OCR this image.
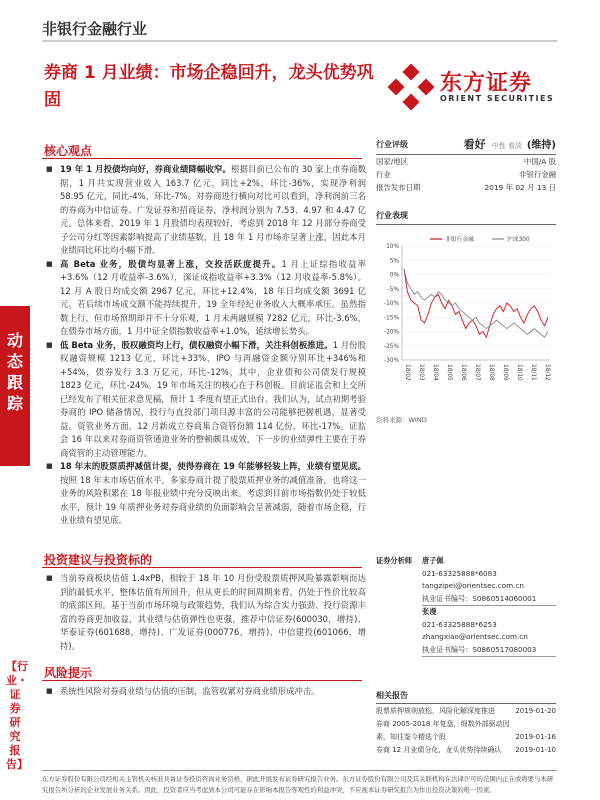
非银行金融行业
券商 1 月业绩：市场企稳回升，龙头优势巩固
东方证券
ORIENT SECURITIES
动态跟踪
【行业・证券研究报告】
核心观点
■ 19 年 1 月投债均向好，券商业绩降幅收窄。根据目前已公布的 30 家上市券商数据，1 月共实现营业收入 163.7 亿元，同比+2%，环比-36%，实现净利润 58.95 亿元，同比-4%，环比-7%。对券商进行横向对比可以看到，净利润前三名的券商为中信证券、广发证券和招商证券，净利润分别为 7.53、4.97 和 4.47 亿元。总体来看，2019 年 1 月股债均表现较好，考虑到 2018 年 12 月部分券商受子公司分红等因素影响提高了业绩基数，且 18 年 1 月市场亦呈著上涨，因此本月业绩同比环比均小幅下滑。
■ 高 Beta 业务，股债均显著上涨，交投活跃度提升。1 月上证综指收益率+3.6%（12 月收益率-3.6%），深证成指收益率+3.3%（12 月收益率-5.8%）。12 月 A 股日均成交额 2967 亿元，环比+12.4%，18 年日均成交额 3691 亿元，若后续市场成交额不能持续提升，19 全年经纪业务收入大概率承压。虽然指数上行，但市场预期却并不十分乐观，1 月末两融规模 7282 亿元，环比-3.6%，在债券市场方面，1 月中证全债指数收益率+1.0%，延续增长势头。
■ 低 Beta 业务，股权融资均上行，债权融资小幅下滑，关注科创板推进。1 月份股权融资规模 1213 亿元，环比+33%，IPO 与再融资金额分别环比+346%和+54%，债券发行 3.3 万亿元，环比-12%，其中，企业债和公司债发行规模 1823 亿元，环比-24%。19 年市场关注的核心在于科创板。目前证监会和上交所已经发布了相关征求意见稿，预计 1 季度有望正式出台。我们认为，试点初期考验券商的 IPO 储备情况，投行与直投部门项目源丰富的公司能够把握机遇，显著受益。资管业务方面，12 月新成立券商集合资管份额 114 亿份，环比-17%。证监会 16 年以来对券商资管通道业务的整顿颇具成效，下一步的业绩弹性主要在于券商资管的主动管理能力。
■ 18 年末的股票质押减值计提，使得券商在 19 年能够轻装上阵，业绩有望见底。按照 18 年末市场估值水平，多家券商计提了股票质押业务的减值准备，也将这一业务的风险积累在 18 年报业绩中充分反映出来。考虑到目前市场指数仍处于较低水平，预计 19 年质押业务对券商业绩的负面影响会呈著减弱，随着市场企稳，行业业绩有望见底。
投资建议与投资标的
■ 当前券商板块估值 1.4xPB，相较于 18 年 10 月份受股票质押风险暴露影响而达到的最低水平，整体估值有所回升，但从更长的时间周期来看，仍处于性价比较高的底部区间。基于当前市场环境与政策趋势，我们认为综合实力强劲、投行资源丰富的券商更加收益，其业绩与估值弹性也更强，推荐中信证券(600030，增持)、华泰证券(601688，增持)、广发证券(000776，增持)、中信建投(601066，增持)。
风险提示
■ 系统性风险对券商业绩与估值的压制，监管收紧对券商业绩形成冲击。
行业评级	看好 中性 看淡 (维持)
国家/地区	中国/A 股
行业	非银行金融
报告发布日期	2019 年 02 月 13 日
行业表现
10%
5%
0%
-5%
-10%
-15%
-20%
-25%
-30%
18/02 18/03 18/04 18/05 18/06 18/07 18/08 18/09 18/10 18/11 18/12
非银行金融	沪深300
资料来源：WIND
证券分析师 唐子佩
021-63325888*6083
tangzipei@orientsec.com.cn
执业证书编号：S0860514060001
张漫
021-63325888*6253
zhangxiao@orientsec.com.cn
执业证书编号：S0860517080003
相关报告
股票质押规则放松，风险化解深度推进	2019-01-20
券商 2005-2018 年复盘，细数外部驱动因素，知往鉴今精选个股	2019-01-16
券商 12 月业绩分化，龙头优势持续确认 2019-01-10
东方证券股份有限公司经相关主管机关核准具备证券投资咨询业务资格，据此开展发布证券研究报告业务。东方证券股份有限公司及其关联机构在法律许可的范围内正在或将要与本研究报告所分析的企业发展业务关系。因此，投资者应当考虑到本公司可能存在影响本报告客观性的利益冲突，不应视本证券研究报告为作出投资决策的唯一因素。
